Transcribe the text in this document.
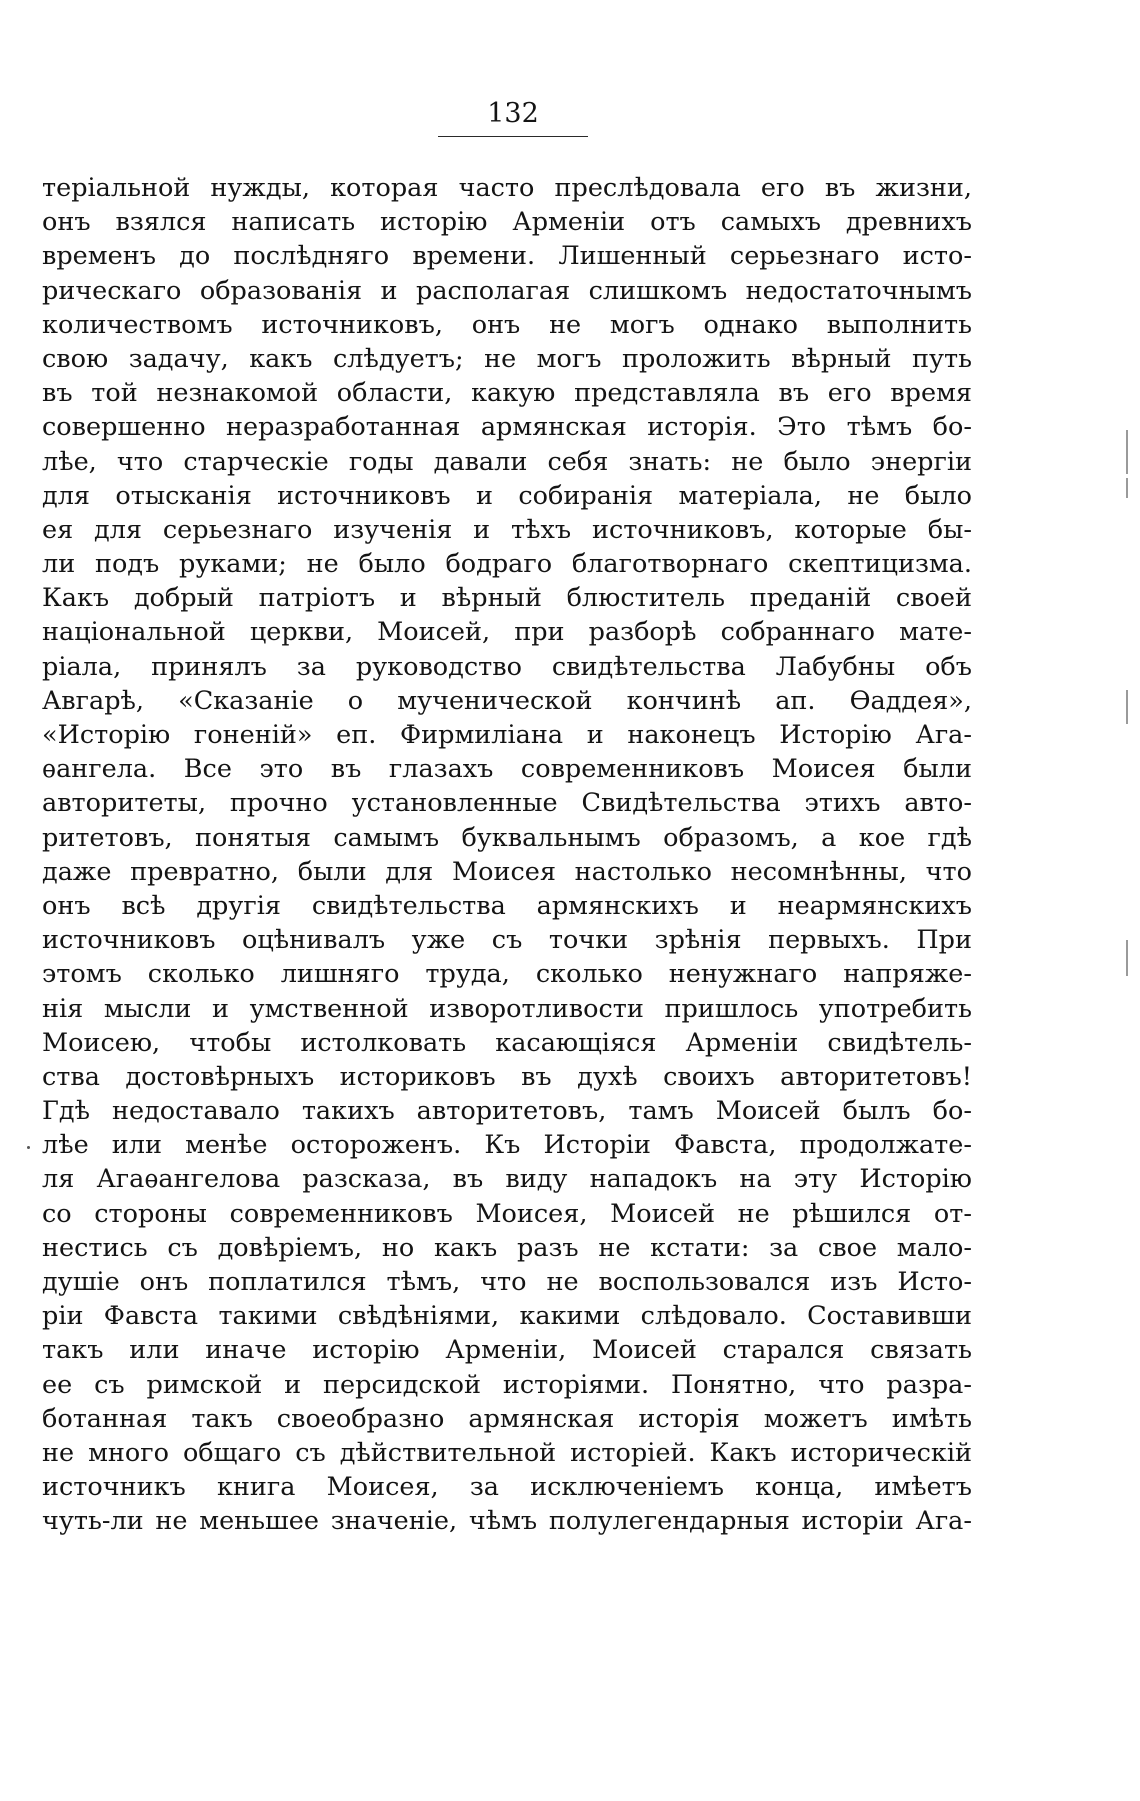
132
теріальной нужды, которая часто преслѣдовала его въ жизни,
онъ взялся написать исторію Арменіи отъ самыхъ древнихъ
временъ до послѣдняго времени. Лишенный серьезнаго исто-
рическаго образованія и располагая слишкомъ недостаточнымъ
количествомъ источниковъ, онъ не могъ однако выполнить
свою задачу, какъ слѣдуетъ; не могъ проложить вѣрный путь
въ той незнакомой области, какую представляла въ его время
совершенно неразработанная армянская исторія. Это тѣмъ бо-
лѣе, что старческіе годы давали себя знать: не было энергіи
для отысканія источниковъ и собиранія матеріала, не было
ея для серьезнаго изученія и тѣхъ источниковъ, которые бы-
ли подъ руками; не было бодраго благотворнаго скептицизма.
Какъ добрый патріотъ и вѣрный блюститель преданій своей
національной церкви, Моисей, при разборѣ собраннаго мате-
ріала, принялъ за руководство свидѣтельства Лабубны объ
Авгарѣ, «Сказаніе о мученической кончинѣ ап. Ѳаддея»,
«Исторію гоненій» еп. Фирмиліана и наконецъ Исторію Ага-
ѳангела. Все это въ глазахъ современниковъ Моисея были
авторитеты, прочно установленные Свидѣтельства этихъ авто-
ритетовъ, понятыя самымъ буквальнымъ образомъ, а кое гдѣ
даже превратно, были для Моисея настолько несомнѣнны, что
онъ всѣ другія свидѣтельства армянскихъ и неармянскихъ
источниковъ оцѣнивалъ уже съ точки зрѣнія первыхъ. При
этомъ сколько лишняго труда, сколько ненужнаго напряже-
нія мысли и умственной изворотливости пришлось употребить
Моисею, чтобы истолковать касающіяся Арменіи свидѣтель-
ства достовѣрныхъ историковъ въ духѣ своихъ авторитетовъ!
Гдѣ недоставало такихъ авторитетовъ, тамъ Моисей былъ бо-
лѣе или менѣе остороженъ. Къ Исторіи Фавста, продолжате-
ля Агаѳангелова разсказа, въ виду нападокъ на эту Исторію
со стороны современниковъ Моисея, Моисей не рѣшился от-
нестись съ довѣріемъ, но какъ разъ не кстати: за свое мало-
душіе онъ поплатился тѣмъ, что не воспользовался изъ Исто-
ріи Фавста такими свѣдѣніями, какими слѣдовало. Составивши
такъ или иначе исторію Арменіи, Моисей старался связать
ее съ римской и персидской исторіями. Понятно, что разра-
ботанная такъ своеобразно армянская исторія можетъ имѣть
не много общаго съ дѣйствительной исторіей. Какъ историческій
источникъ книга Моисея, за исключеніемъ конца, имѣетъ
чуть-ли не меньшее значеніе, чѣмъ полулегендарныя исторіи Ага-
